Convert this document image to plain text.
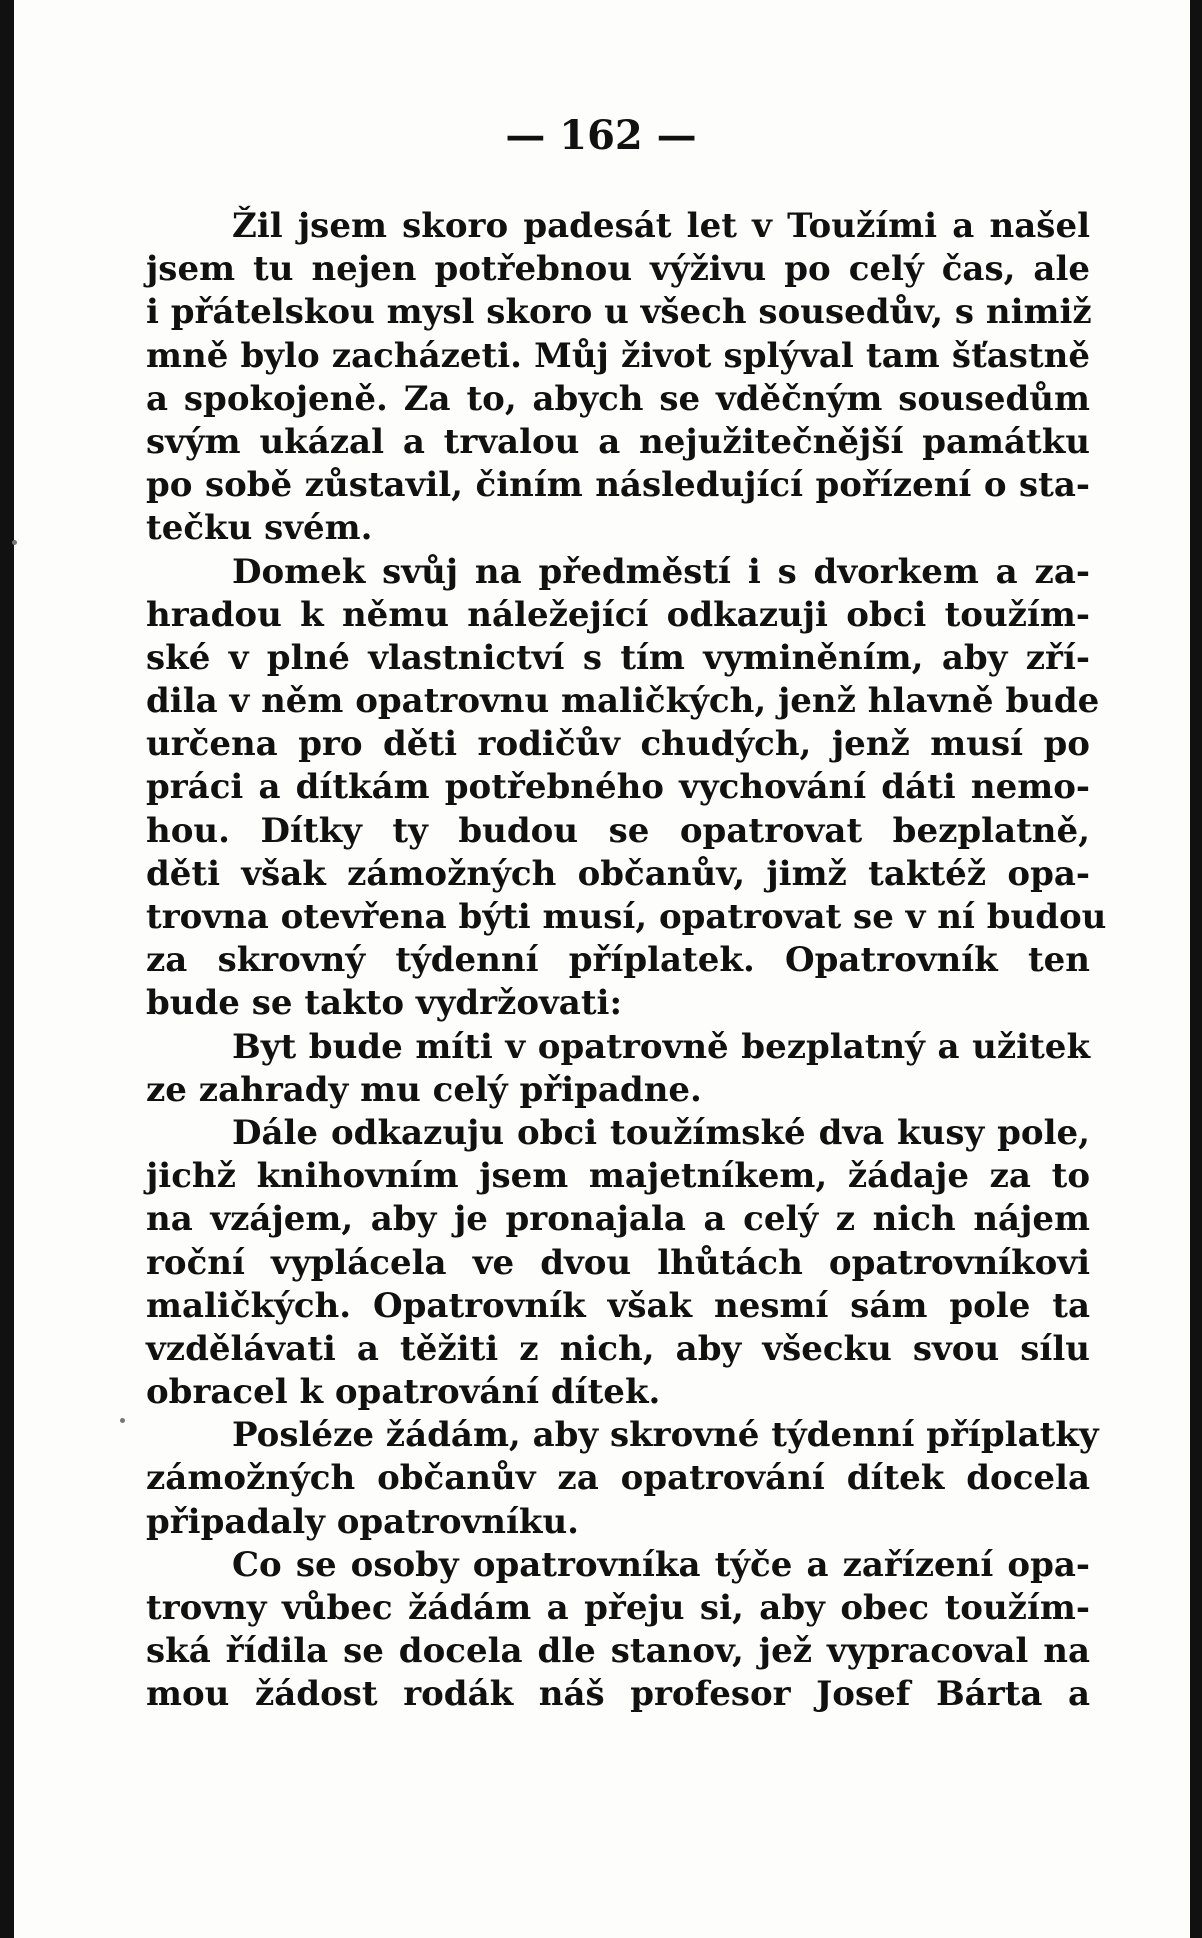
— 162 —
Žil jsem skoro padesát let v Toužími a našel
jsem tu nejen potřebnou výživu po celý čas, ale
i přátelskou mysl skoro u všech sousedův, s nimiž
mně bylo zacházeti. Můj život splýval tam šťastně
a spokojeně. Za to, abych se vděčným sousedům
svým ukázal a trvalou a nejužitečnější památku
po sobě zůstavil, činím následující pořízení o sta-
tečku svém.
Domek svůj na předměstí i s dvorkem a za-
hradou k němu náležející odkazuji obci toužím-
ské v plné vlastnictví s tím vyminěním, aby zří-
dila v něm opatrovnu maličkých, jenž hlavně bude
určena pro děti rodičův chudých, jenž musí po
práci a dítkám potřebného vychování dáti nemo-
hou. Dítky ty budou se opatrovat bezplatně,
děti však zámožných občanův, jimž taktéž opa-
trovna otevřena býti musí, opatrovat se v ní budou
za skrovný týdenní příplatek. Opatrovník ten
bude se takto vydržovati:
Byt bude míti v opatrovně bezplatný a užitek
ze zahrady mu celý připadne.
Dále odkazuju obci toužímské dva kusy pole,
jichž knihovním jsem majetníkem, žádaje za to
na vzájem, aby je pronajala a celý z nich nájem
roční vyplácela ve dvou lhůtách opatrovníkovi
maličkých. Opatrovník však nesmí sám pole ta
vzdělávati a těžiti z nich, aby všecku svou sílu
obracel k opatrování dítek.
Posléze žádám, aby skrovné týdenní příplatky
zámožných občanův za opatrování dítek docela
připadaly opatrovníku.
Co se osoby opatrovníka týče a zařízení opa-
trovny vůbec žádám a přeju si, aby obec toužím-
ská řídila se docela dle stanov, jež vypracoval na
mou žádost rodák náš profesor Josef Bárta a
